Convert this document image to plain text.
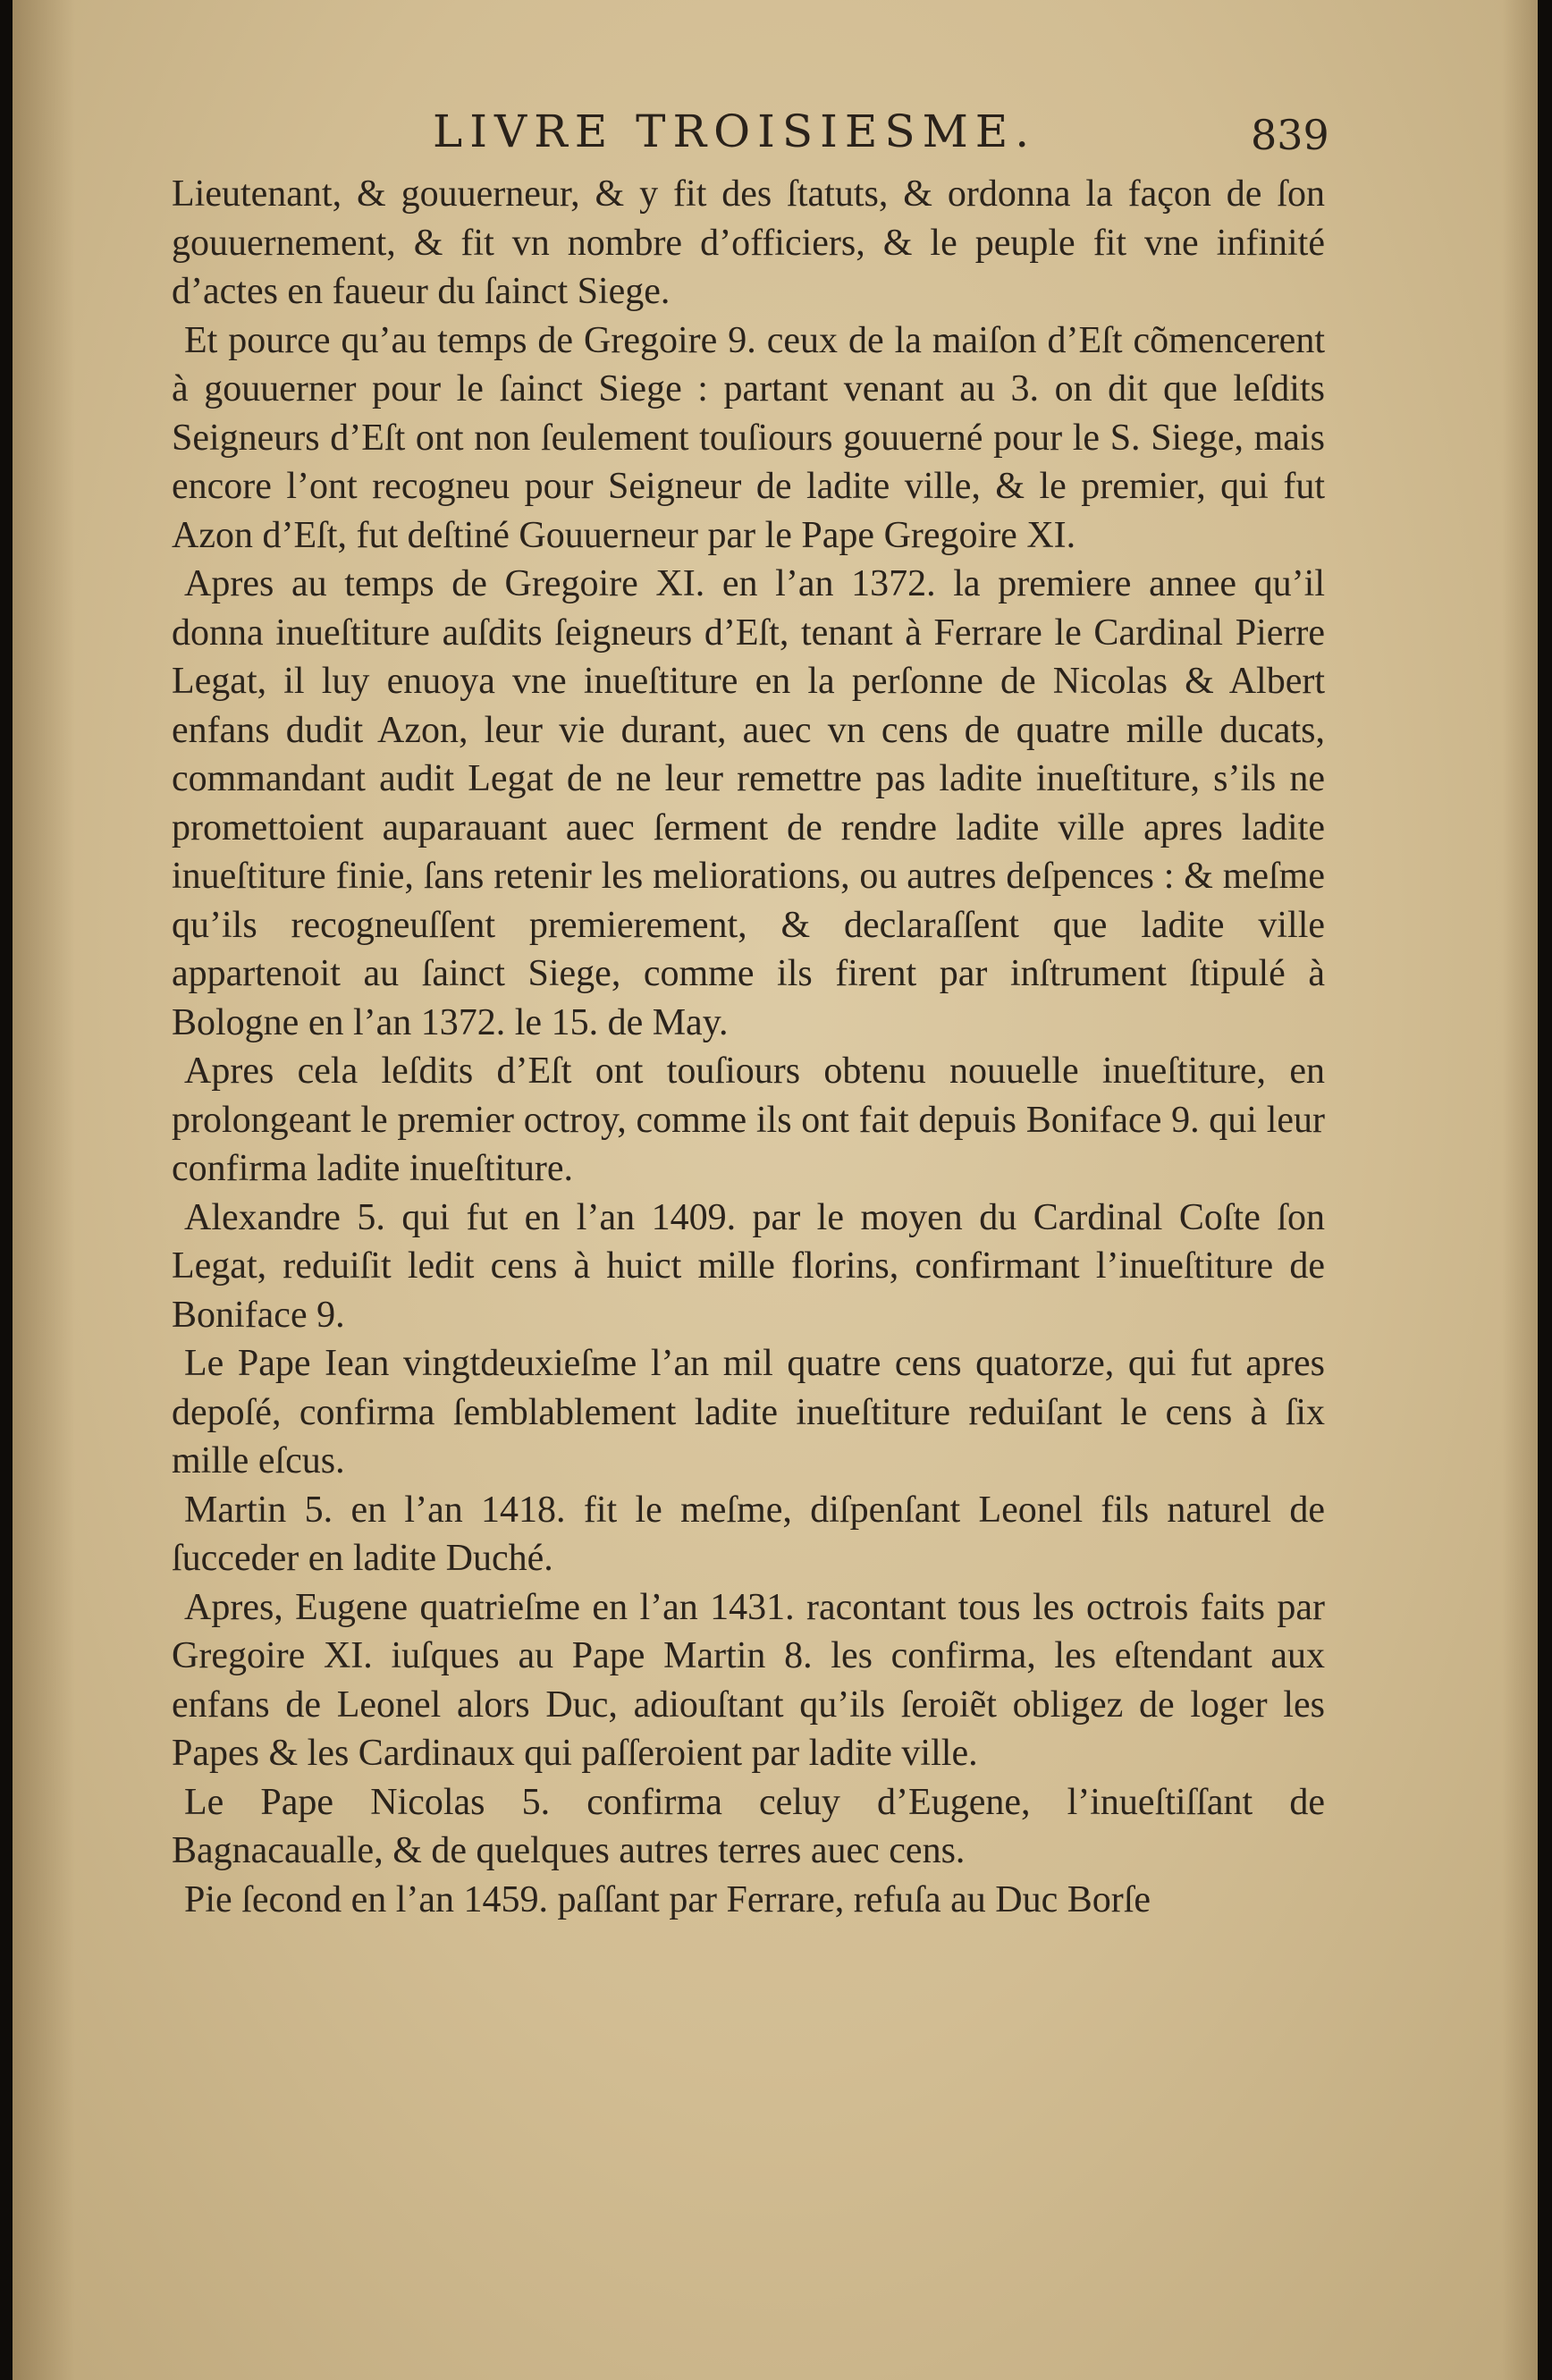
LIVRE TROISIESME.	839

Lieutenant, & gouuerneur, & y fit des ſtatuts, & ordonna la façon de ſon gouuernement, & fit vn nombre d’officiers, & le peuple fit vne infinité d’actes en faueur du ſainct Siege.

Et pource qu’au temps de Gregoire 9. ceux de la maiſon d’Eſt cõmencerent à gouuerner pour le ſainct Siege : partant venant au 3. on dit que leſdits Seigneurs d’Eſt ont non ſeulement touſiours gouuerné pour le S. Siege, mais encore l’ont recogneu pour Seigneur de ladite ville, & le premier, qui fut Azon d’Eſt, fut deſtiné Gouuerneur par le Pape Gregoire XI.

Apres au temps de Gregoire XI. en l’an 1372. la premiere annee qu’il donna inueſtiture auſdits ſeigneurs d’Eſt, tenant à Ferrare le Cardinal Pierre Legat, il luy enuoya vne inueſtiture en la perſonne de Nicolas & Albert enfans dudit Azon, leur vie durant, auec vn cens de quatre mille ducats, commandant audit Legat de ne leur remettre pas ladite inueſtiture, s’ils ne promettoient auparauant auec ſerment de rendre ladite ville apres ladite inueſtiture finie, ſans retenir les meliorations, ou autres deſpences : & meſme qu’ils recogneuſſent premierement, & declaraſſent que ladite ville appartenoit au ſainct Siege, comme ils firent par inſtrument ſtipulé à Bologne en l’an 1372. le 15. de May.

Apres cela leſdits d’Eſt ont touſiours obtenu nouuelle inueſtiture, en prolongeant le premier octroy, comme ils ont fait depuis Boniface 9. qui leur confirma ladite inueſtiture.

Alexandre 5. qui fut en l’an 1409. par le moyen du Cardinal Coſte ſon Legat, reduiſit ledit cens à huict mille florins, confirmant l’inueſtiture de Boniface 9.

Le Pape Iean vingtdeuxieſme l’an mil quatre cens quatorze, qui fut apres depoſé, confirma ſemblablement ladite inueſtiture reduiſant le cens à ſix mille eſcus.

Martin 5. en l’an 1418. fit le meſme, diſpenſant Leonel fils naturel de ſucceder en ladite Duché.

Apres, Eugene quatrieſme en l’an 1431. racontant tous les octrois faits par Gregoire XI. iuſques au Pape Martin 8. les confirma, les eſtendant aux enfans de Leonel alors Duc, adiouſtant qu’ils ſeroiẽt obligez de loger les Papes & les Cardinaux qui paſſeroient par ladite ville.

Le Pape Nicolas 5. confirma celuy d’Eugene, l’inueſtiſſant de Bagnacaualle, & de quelques autres terres auec cens.

Pie ſecond en l’an 1459. paſſant par Ferrare, refuſa au Duc Borſe
